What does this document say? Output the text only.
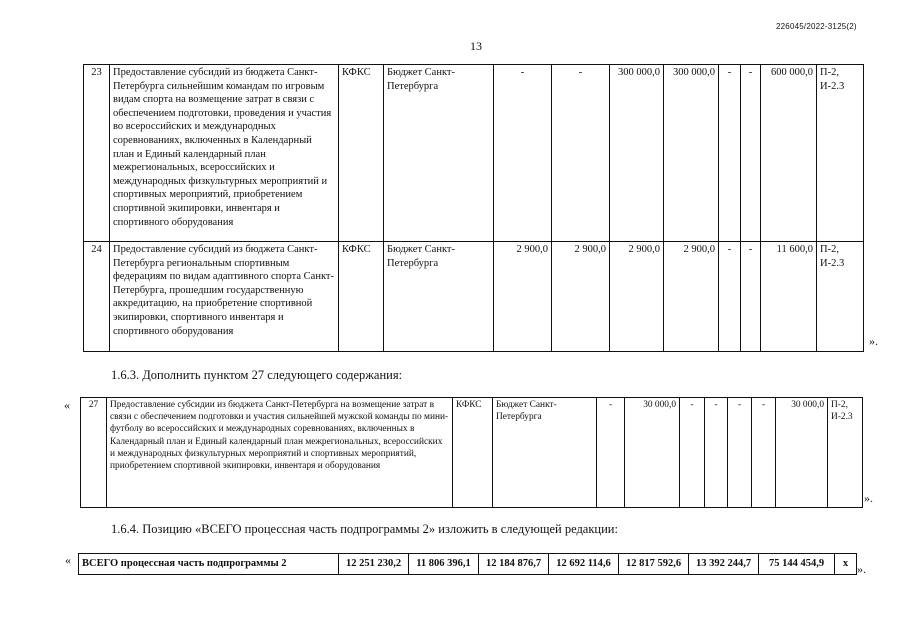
226045/2022-3125(2)
13
23	Предоставление субсидий из бюджета Санкт-Петербурга сильнейшим командам по игровым видам спорта на возмещение затрат в связи с обеспечением подготовки, проведения и участия во всероссийских и международных соревнованиях, включенных в Календарный план и Единый календарный план межрегиональных, всероссийских и международных физкультурных мероприятий и спортивных мероприятий, приобретением спортивной экипировки, инвентаря и спортивного оборудования	КФКС	Бюджет Санкт-Петербурга	-	-	300 000,0	300 000,0	-	-	600 000,0	П-2, И-2.3
24	Предоставление субсидий из бюджета Санкт-Петербурга региональным спортивным федерациям по видам адаптивного спорта Санкт-Петербурга, прошедшим государственную аккредитацию, на приобретение спортивной экипировки, спортивного инвентаря и спортивного оборудования	КФКС	Бюджет Санкт-Петербурга	2 900,0	2 900,0	2 900,0	2 900,0	-	-	11 600,0	П-2, И-2.3
».
1.6.3. Дополнить пунктом 27 следующего содержания:
« 27	Предоставление субсидии из бюджета Санкт-Петербурга на возмещение затрат в связи с обеспечением подготовки и участия сильнейшей мужской команды по мини-футболу во всероссийских и международных соревнованиях, включенных в Календарный план и Единый календарный план межрегиональных, всероссийских и международных физкультурных мероприятий и спортивных мероприятий, приобретением спортивной экипировки, инвентаря и оборудования	КФКС	Бюджет Санкт-Петербурга	-	30 000,0	-	-	-	-	30 000,0	П-2, И-2.3
».
1.6.4. Позицию «ВСЕГО процессная часть подпрограммы 2» изложить в следующей редакции:
« ВСЕГО процессная часть подпрограммы 2	12 251 230,2	11 806 396,1	12 184 876,7	12 692 114,6	12 817 592,6	13 392 244,7	75 144 454,9	х ».
